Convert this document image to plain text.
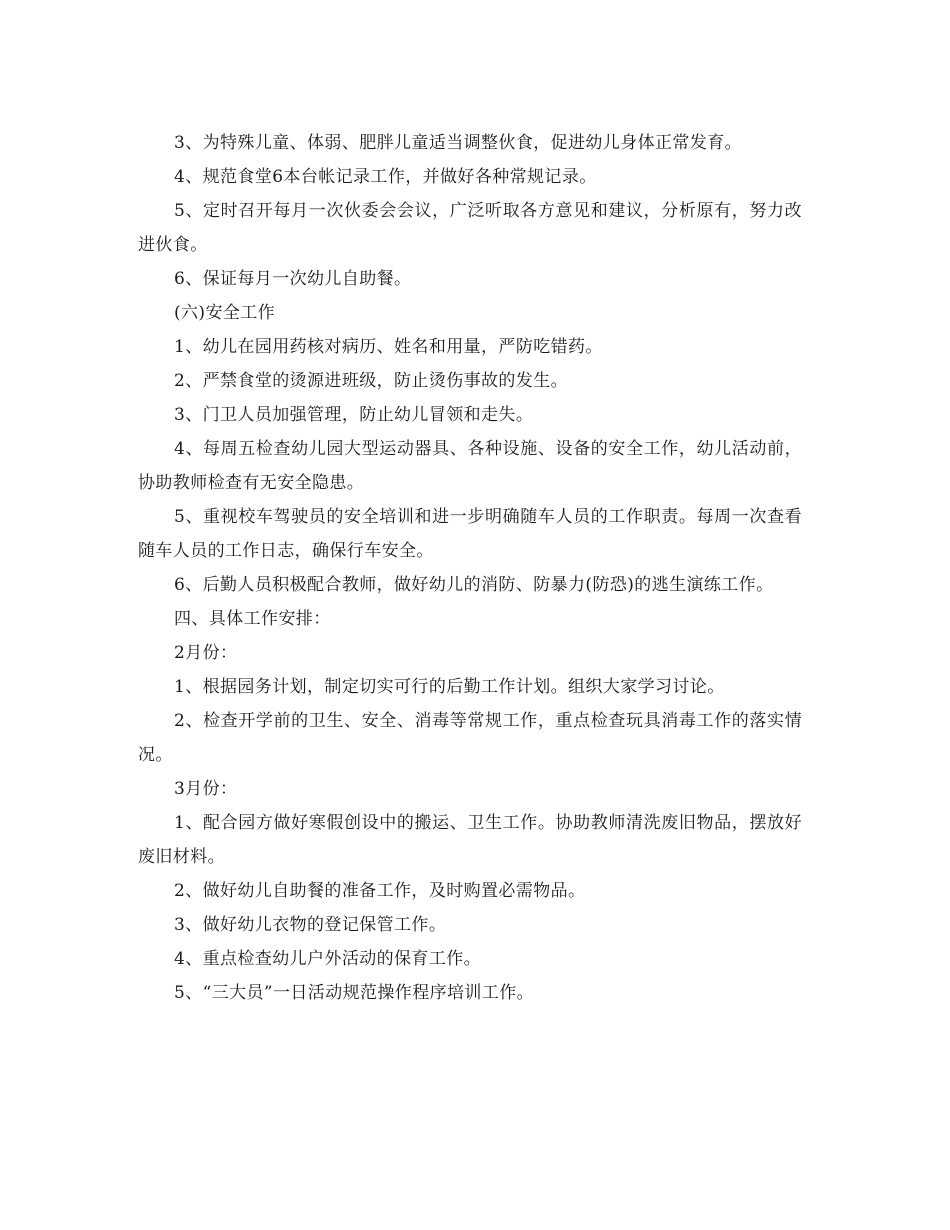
3、为特殊儿童、体弱、肥胖儿童适当调整伙食，促进幼儿身体正常发育。

4、规范食堂6本台帐记录工作，并做好各种常规记录。

5、定时召开每月一次伙委会会议，广泛听取各方意见和建议，分析原有，努力改进伙食。

6、保证每月一次幼儿自助餐。

(六)安全工作

1、幼儿在园用药核对病历、姓名和用量，严防吃错药。

2、严禁食堂的烫源进班级，防止烫伤事故的发生。

3、门卫人员加强管理，防止幼儿冒领和走失。

4、每周五检查幼儿园大型运动器具、各种设施、设备的安全工作，幼儿活动前，协助教师检查有无安全隐患。

5、重视校车驾驶员的安全培训和进一步明确随车人员的工作职责。每周一次查看随车人员的工作日志，确保行车安全。

6、后勤人员积极配合教师，做好幼儿的消防、防暴力(防恐)的逃生演练工作。

四、具体工作安排：

2月份：

1、根据园务计划，制定切实可行的后勤工作计划。组织大家学习讨论。

2、检查开学前的卫生、安全、消毒等常规工作，重点检查玩具消毒工作的落实情况。

3月份：

1、配合园方做好寒假创设中的搬运、卫生工作。协助教师清洗废旧物品，摆放好废旧材料。

2、做好幼儿自助餐的准备工作，及时购置必需物品。

3、做好幼儿衣物的登记保管工作。

4、重点检查幼儿户外活动的保育工作。

5、“三大员”一日活动规范操作程序培训工作。
